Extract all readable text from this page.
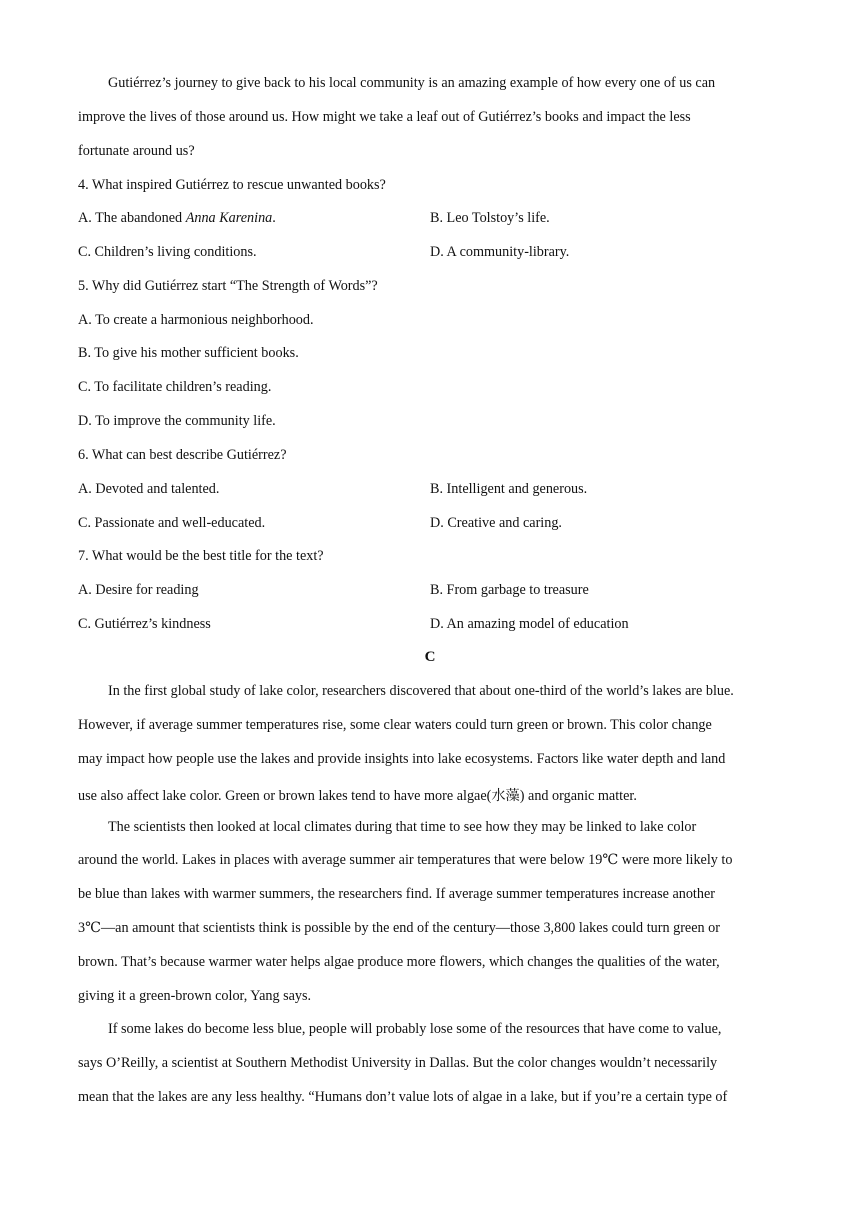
Gutiérrez’s journey to give back to his local community is an amazing example of how every one of us can
improve the lives of those around us. How might we take a leaf out of Gutiérrez’s books and impact the less
fortunate around us?
4. What inspired Gutiérrez to rescue unwanted books?
A. The abandoned Anna Karenina.	B. Leo Tolstoy’s life.
C. Children’s living conditions.	D. A community-library.
5. Why did Gutiérrez start “The Strength of Words”?
A. To create a harmonious neighborhood.
B. To give his mother sufficient books.
C. To facilitate children’s reading.
D. To improve the community life.
6. What can best describe Gutiérrez?
A. Devoted and talented.	B. Intelligent and generous.
C. Passionate and well-educated.	D. Creative and caring.
7. What would be the best title for the text?
A. Desire for reading	B. From garbage to treasure
C. Gutiérrez’s kindness	D. An amazing model of education
C
In the first global study of lake color, researchers discovered that about one-third of the world’s lakes are blue.
However, if average summer temperatures rise, some clear waters could turn green or brown. This color change
may impact how people use the lakes and provide insights into lake ecosystems. Factors like water depth and land
use also affect lake color. Green or brown lakes tend to have more algae(水藻) and organic matter.
The scientists then looked at local climates during that time to see how they may be linked to lake color
around the world. Lakes in places with average summer air temperatures that were below 19℃ were more likely to
be blue than lakes with warmer summers, the researchers find. If average summer temperatures increase another
3℃—an amount that scientists think is possible by the end of the century—those 3,800 lakes could turn green or
brown. That’s because warmer water helps algae produce more flowers, which changes the qualities of the water,
giving it a green-brown color, Yang says.
If some lakes do become less blue, people will probably lose some of the resources that have come to value,
says O’Reilly, a scientist at Southern Methodist University in Dallas. But the color changes wouldn’t necessarily
mean that the lakes are any less healthy. “Humans don’t value lots of algae in a lake, but if you’re a certain type of
